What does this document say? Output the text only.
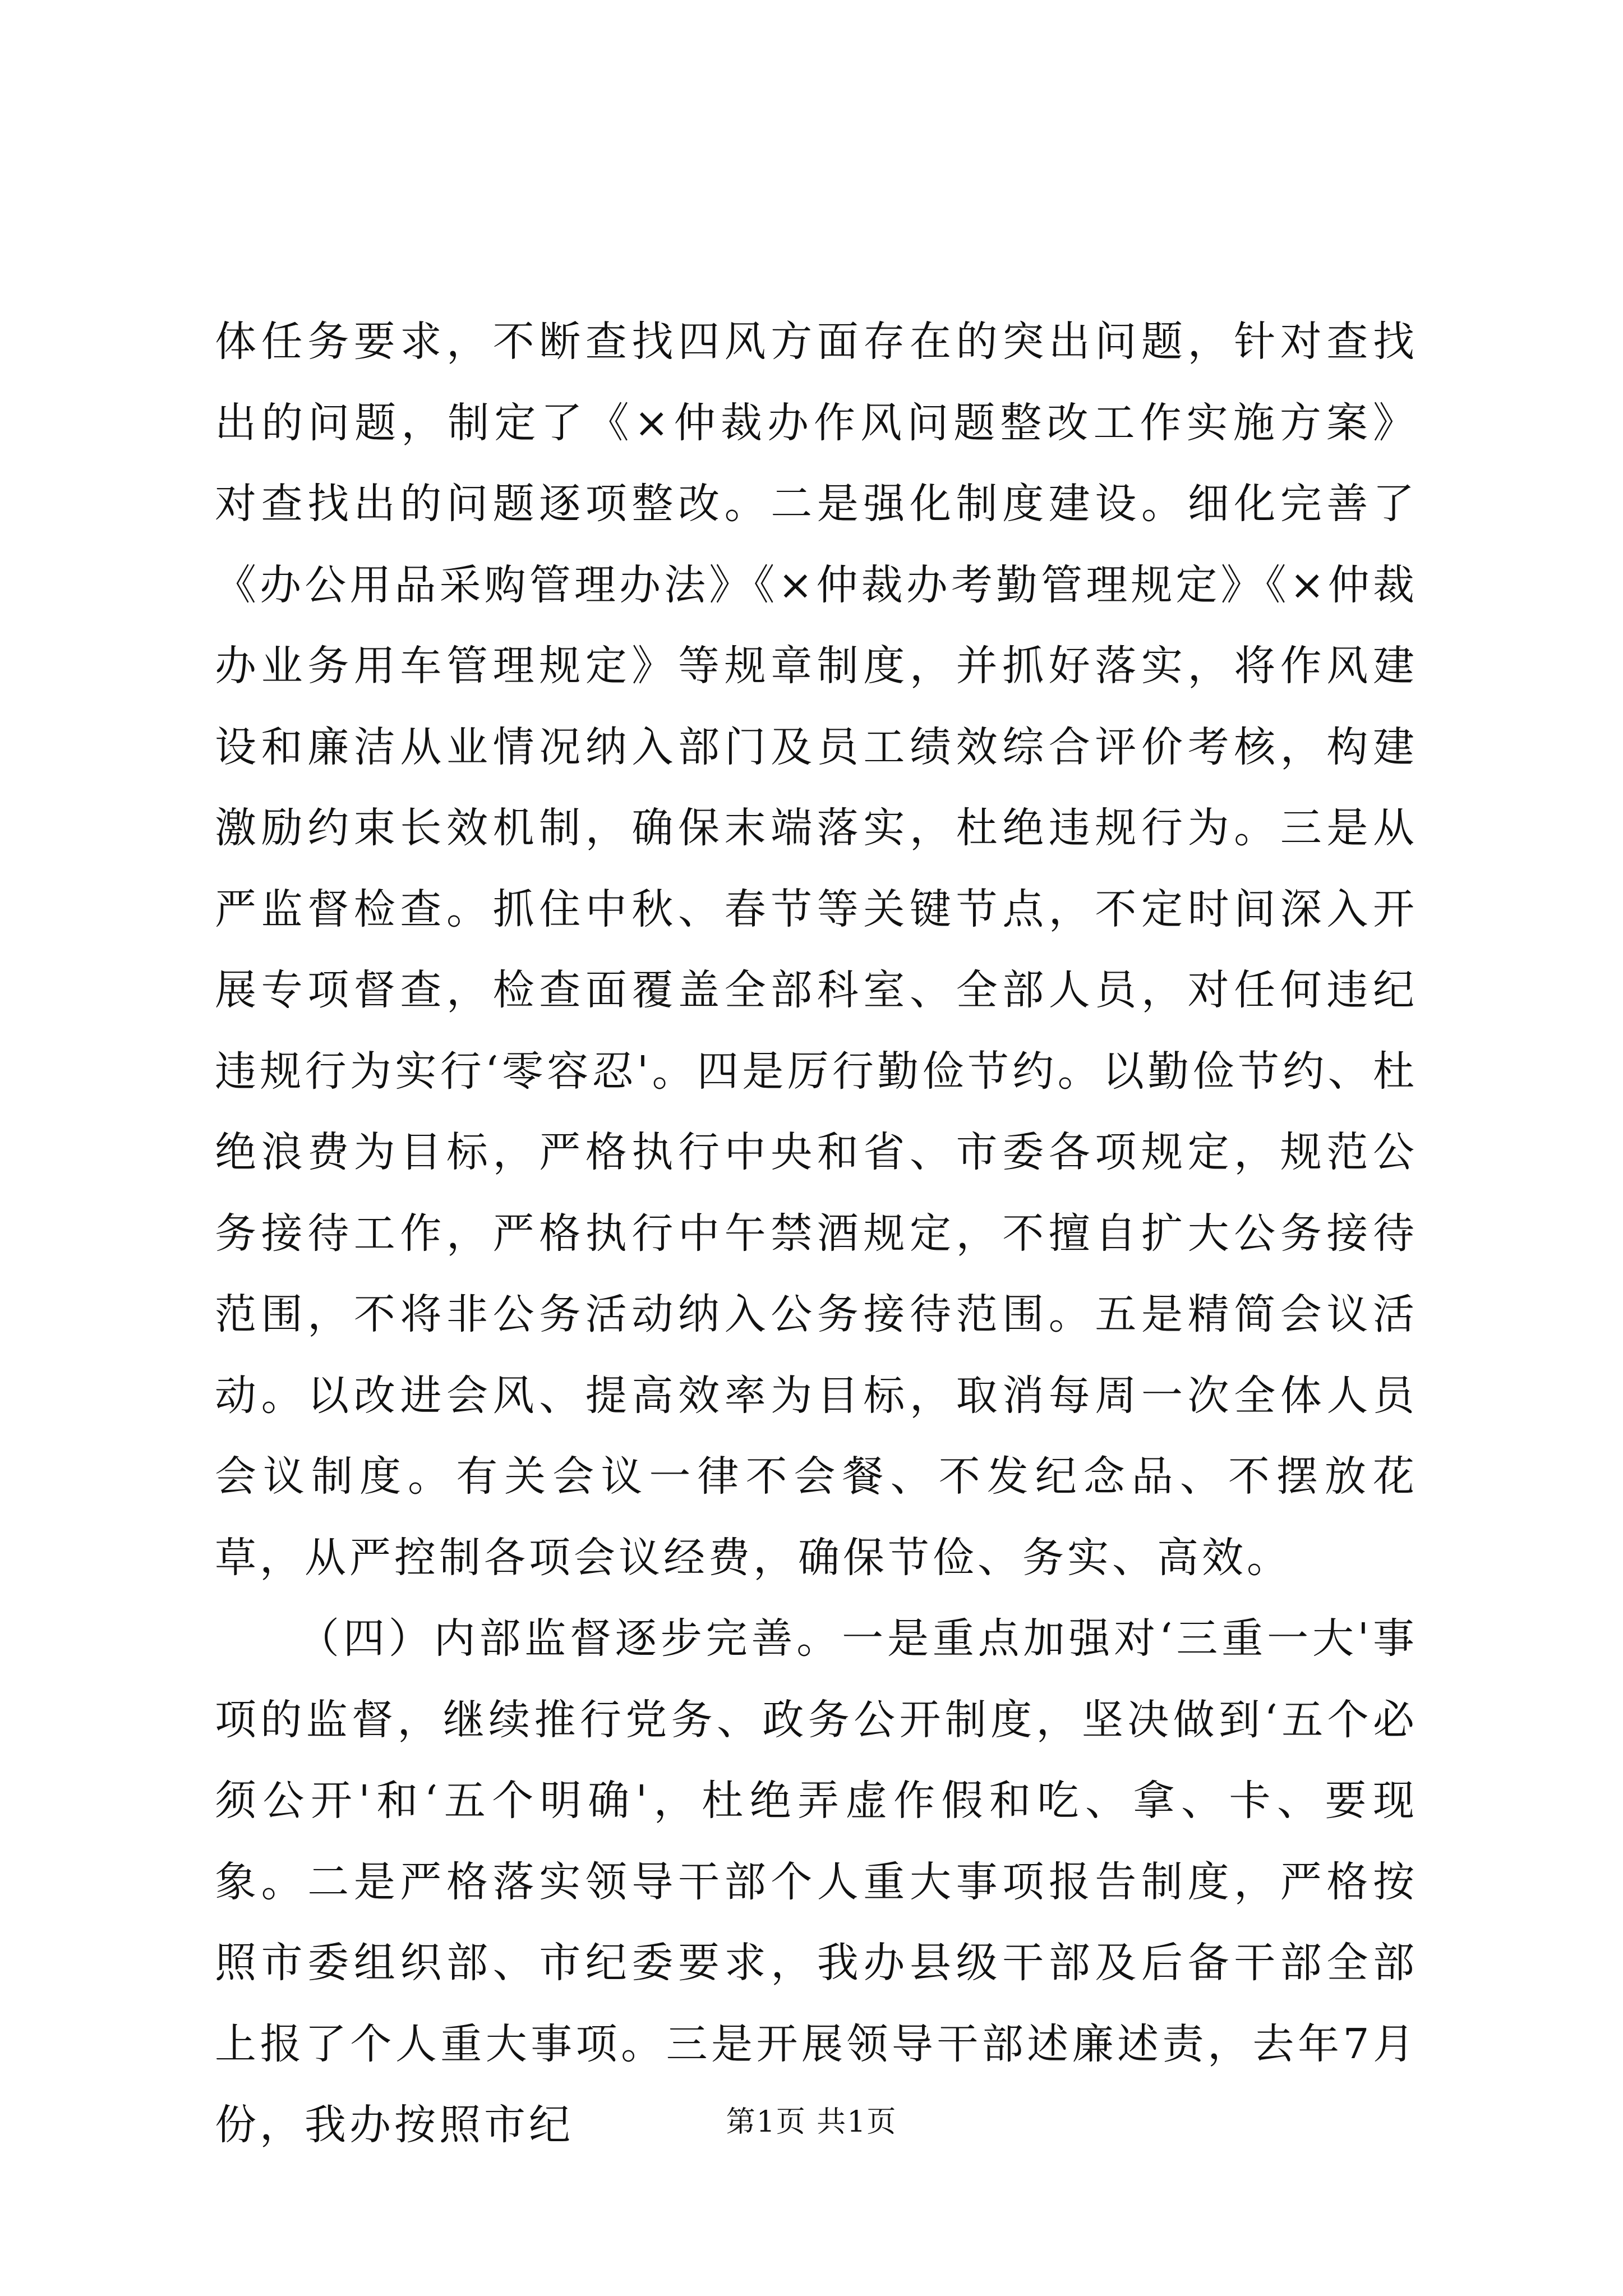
体任务要求，不断查找四风方面存在的突出问题，针对查找出的问题，制定了《×仲裁办作风问题整改工作实施方案》对查找出的问题逐项整改。二是强化制度建设。细化完善了《办公用品采购管理办法》《×仲裁办考勤管理规定》《×仲裁办业务用车管理规定》等规章制度，并抓好落实，将作风建设和廉洁从业情况纳入部门及员工绩效综合评价考核，构建激励约束长效机制，确保末端落实，杜绝违规行为。三是从严监督检查。抓住中秋、春节等关键节点，不定时间深入开展专项督查，检查面覆盖全部科室、全部人员，对任何违纪违规行为实行‘零容忍'。四是厉行勤俭节约。以勤俭节约、杜绝浪费为目标，严格执行中央和省、市委各项规定，规范公务接待工作，严格执行中午禁酒规定，不擅自扩大公务接待范围，不将非公务活动纳入公务接待范围。五是精简会议活动。以改进会风、提高效率为目标，取消每周一次全体人员会议制度。有关会议一律不会餐、不发纪念品、不摆放花草，从严控制各项会议经费，确保节俭、务实、高效。

（四）内部监督逐步完善。一是重点加强对‘三重一大'事项的监督，继续推行党务、政务公开制度，坚决做到‘五个必须公开'和‘五个明确'，杜绝弄虚作假和吃、拿、卡、要现象。二是严格落实领导干部个人重大事项报告制度，严格按照市委组织部、市纪委要求，我办县级干部及后备干部全部上报了个人重大事项。三是开展领导干部述廉述责，去年7月份，我办按照市纪	第1页 共1页
